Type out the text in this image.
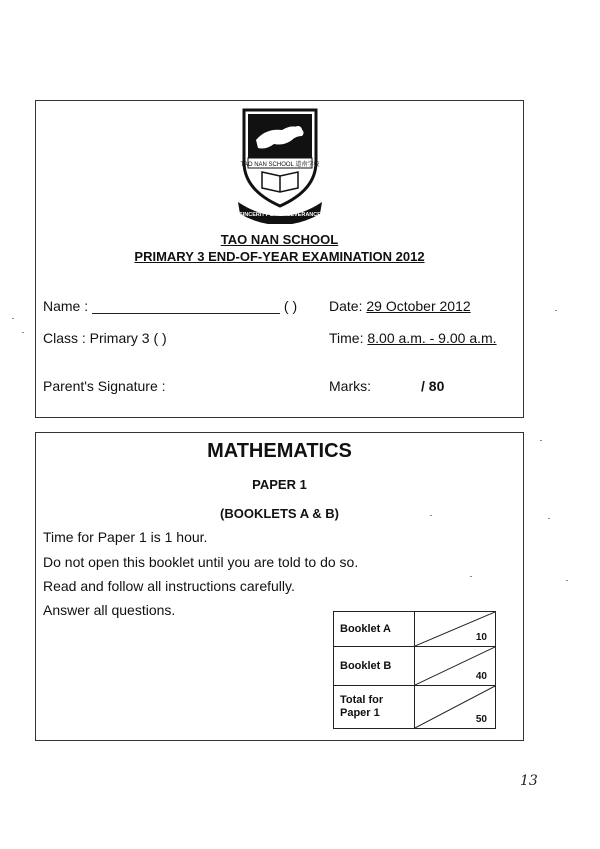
TAO NAN SCHOOL 道南学校
SINCERITY & PERSEVERANCE
TAO NAN SCHOOL
PRIMARY 3 END-OF-YEAR EXAMINATION 2012
Name :	( ) Date: 29 October 2012
Class : Primary 3 ( )	Time: 8.00 a.m. - 9.00 a.m.
Parent's Signature :	Marks:	/ 80
MATHEMATICS
PAPER 1
(BOOKLETS A & B)
Time for Paper 1 is 1 hour.
Do not open this booklet until you are told to do so.
Read and follow all instructions carefully.
Answer all questions.
Booklet A	10

Booklet B	40

Total for Paper 1	50
13
